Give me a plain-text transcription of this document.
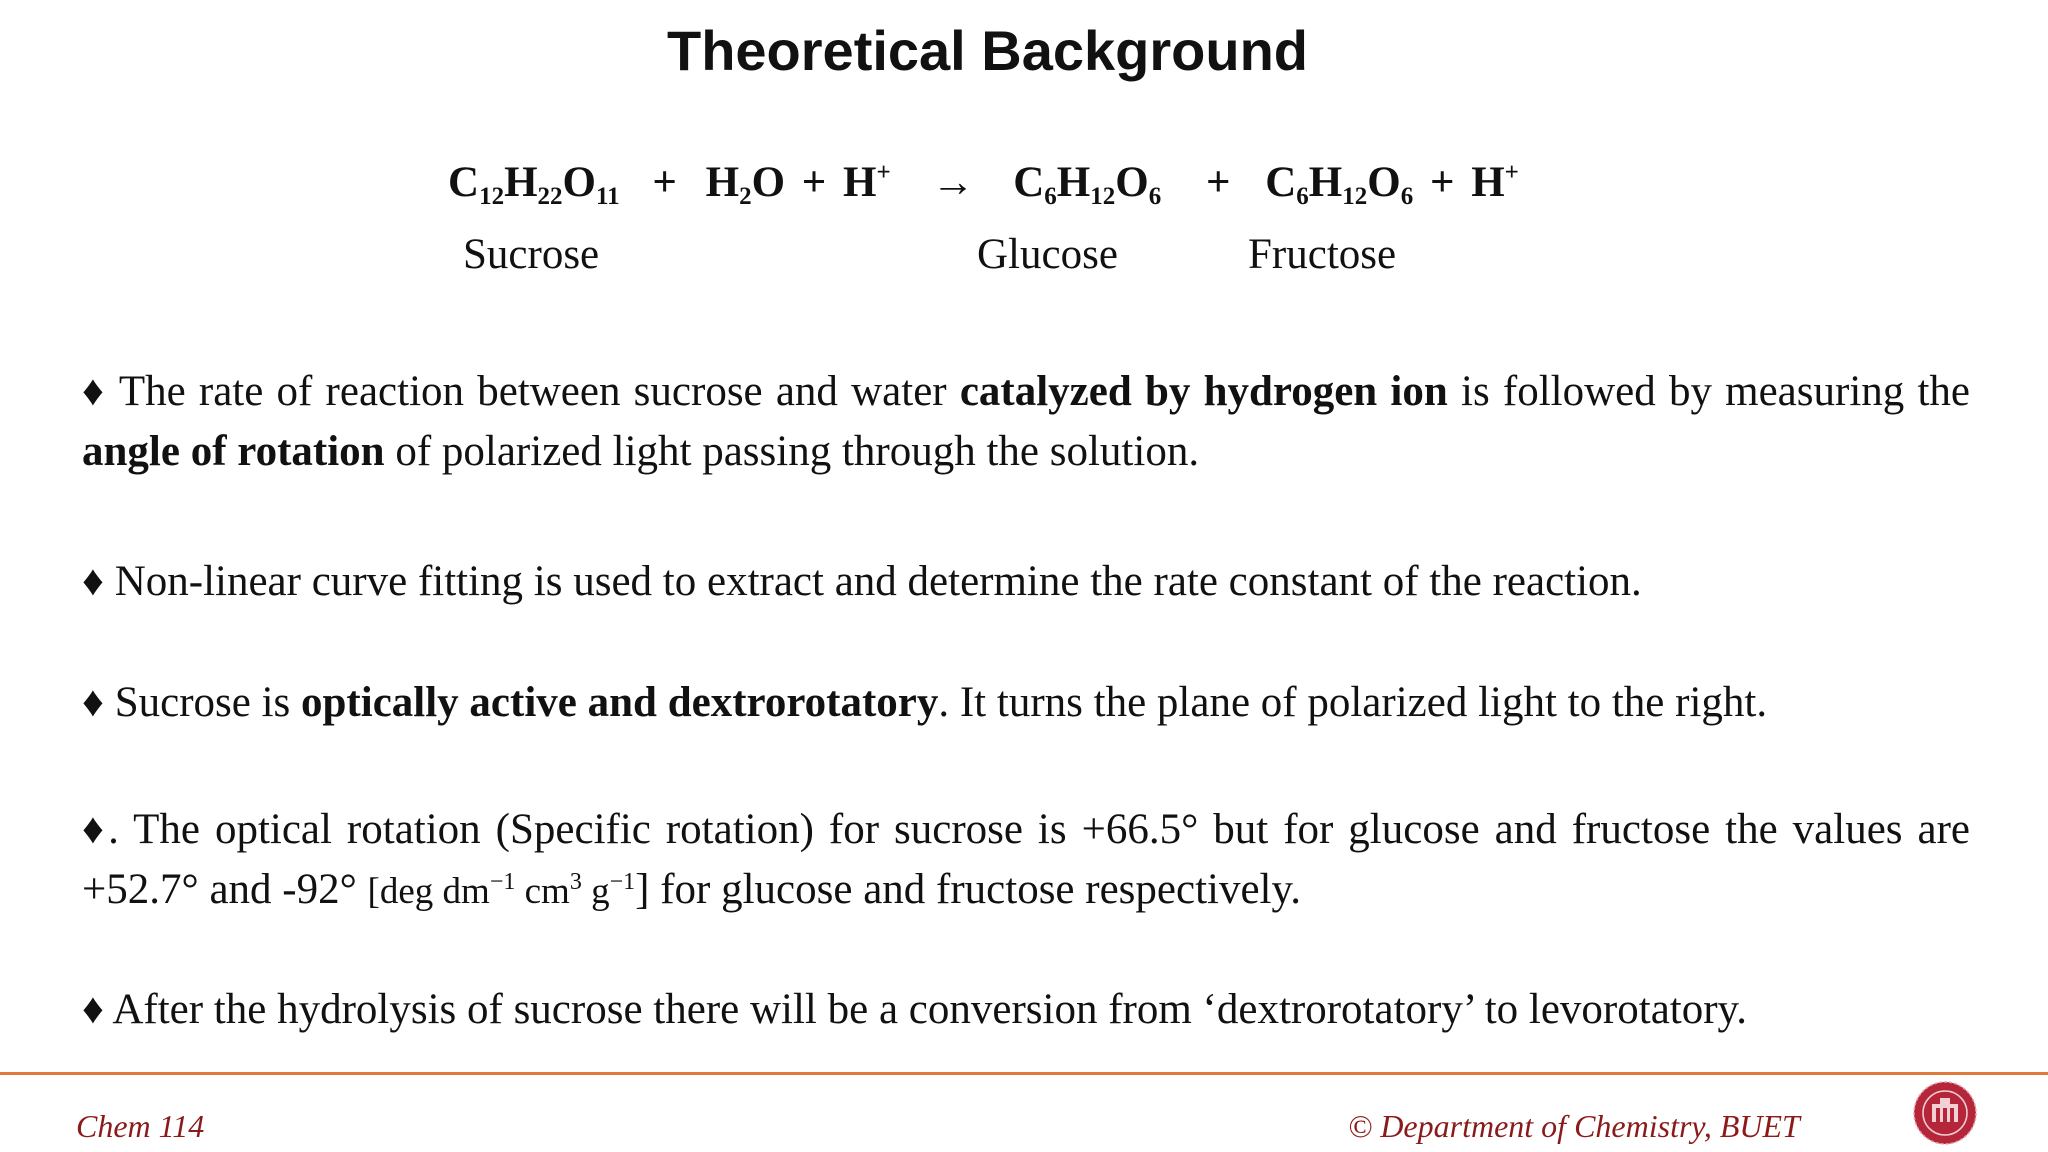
Theoretical Background
$C_{12}H_{22}O_{11} + H_2O + H^+ \to C_6H_{12}O_6 + C_6H_{12}O_6 + H^+$
Sucrose	Glucose	Fructose
♦ The rate of reaction between sucrose and water catalyzed by hydrogen ion is followed by measuring the angle of rotation of polarized light passing through the solution.
♦ Non-linear curve fitting is used to extract and determine the rate constant of the reaction.
♦ Sucrose is optically active and dextrorotatory. It turns the plane of polarized light to the right.
♦. The optical rotation (Specific rotation) for sucrose is +66.5° but for glucose and fructose the values are +52.7° and -92° [deg $dm^{-1}$ $cm^3$ $g^{-1}$] for glucose and fructose respectively.
♦ After the hydrolysis of sucrose there will be a conversion from ‘dextrorotatory’ to levorotatory.
Chem 114	© Department of Chemistry, BUET
